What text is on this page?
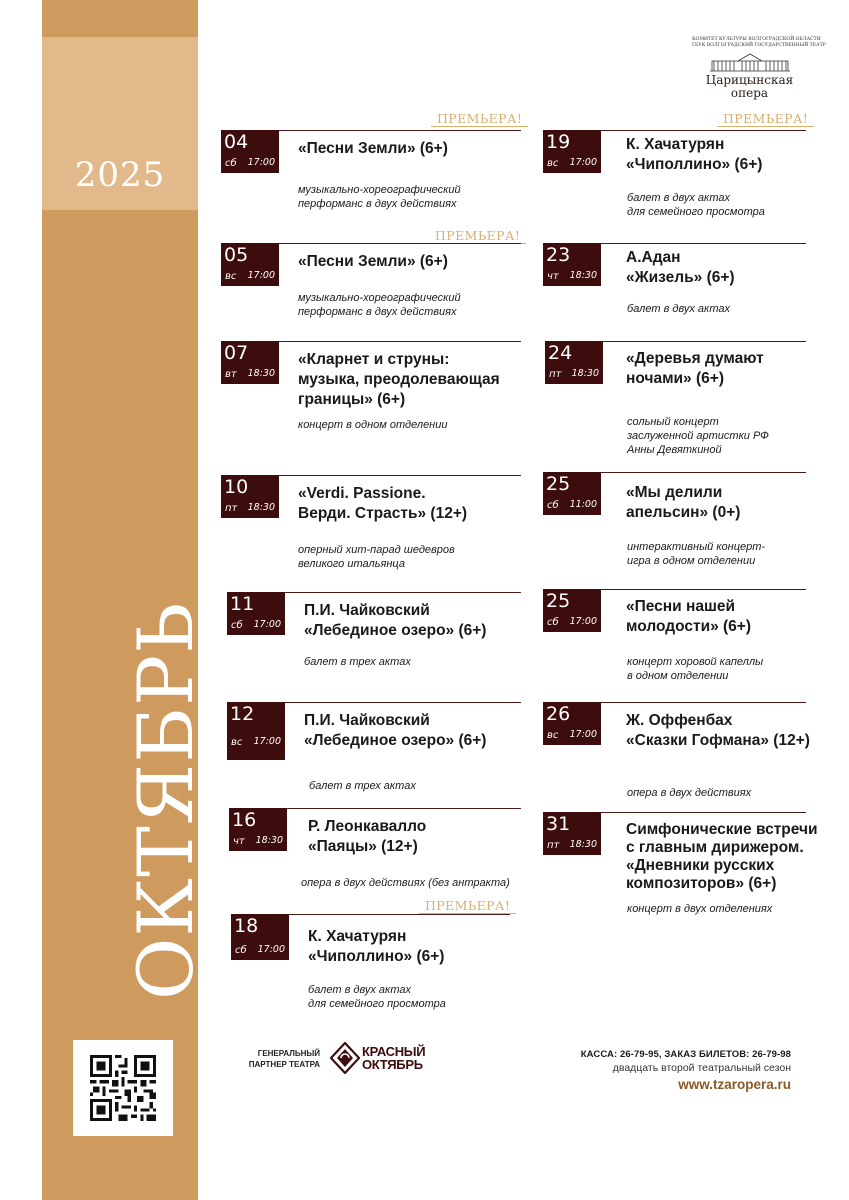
2025
ОКТЯБРЬ
КОМИТЕТ КУЛЬТУРЫ ВОЛГОГРАДСКОЙ ОБЛАСТИ
ГБУК ВОЛГОГРАДСКИЙ ГОСУДАРСТВЕННЫЙ ТЕАТР
Царицынская
опера
ПРЕМЬЕРА!
ПРЕМЬЕРА!
ПРЕМЬЕРА!
ПРЕМЬЕРА!
04
сб 17:00
«Песни Земли» (6+)
музыкально-хореографический
перформанс в двух действиях
05
вс 17:00
«Песни Земли» (6+)
музыкально-хореографический
перформанс в двух действиях
07
вт 18:30
«Кларнет и струны:
музыка, преодолевающая
границы» (6+)
концерт в одном отделении
10
пт 18:30
«Verdi. Passione.
Верди. Страсть» (12+)
оперный хит-парад шедевров
великого итальянца
11
сб 17:00
П.И. Чайковский
«Лебединое озеро» (6+)
балет в трех актах
12
вс 17:00
П.И. Чайковский
«Лебединое озеро» (6+)
балет в трех актах
16
чт 18:30
Р. Леонкавалло
«Паяцы» (12+)
опера в двух действиях (без антракта)
18
сб 17:00
К. Хачатурян
«Чиполлино» (6+)
балет в двух актах
для семейного просмотра
19
вс 17:00
К. Хачатурян
«Чиполлино» (6+)
балет в двух актах
для семейного просмотра
23
чт 18:30
А.Адан
«Жизель» (6+)
балет в двух актах
24
пт 18:30
«Деревья думают
ночами» (6+)
сольный концерт
заслуженной артистки РФ
Анны Девяткиной
25
сб 11:00
«Мы делили
апельсин» (0+)
интерактивный концерт-
игра в одном отделении
25
сб 17:00
«Песни нашей
молодости» (6+)
концерт хоровой капеллы
в одном отделении
26
вс 17:00
Ж. Оффенбах
«Сказки Гофмана» (12+)
опера в двух действиях
31
пт 18:30
Симфонические встречи
с главным дирижером.
«Дневники русских
композиторов» (6+)
концерт в двух отделениях
ГЕНЕРАЛЬНЫЙ
ПАРТНЕР ТЕАТРА
КРАСНЫЙ
ОКТЯБРЬ
КАССА: 26-79-95, ЗАКАЗ БИЛЕТОВ: 26-79-98
двадцать второй театральный сезон
www.tzaropera.ru
